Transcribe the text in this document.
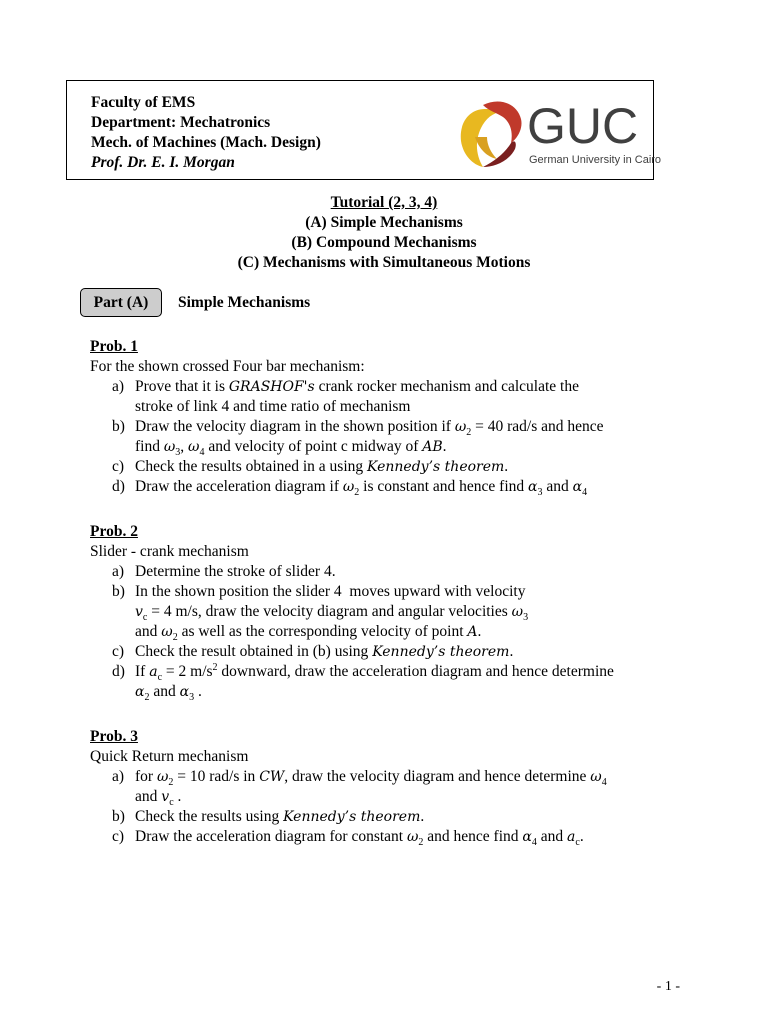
Faculty of EMS
Department: Mechatronics
Mech. of Machines (Mach. Design)
Prof. Dr. E. I. Morgan
GUC
German University in Cairo
Tutorial (2, 3, 4)
(A) Simple Mechanisms
(B) Compound Mechanisms
(C) Mechanisms with Simultaneous Motions
Part (A)	Simple Mechanisms
Prob. 1
For the shown crossed Four bar mechanism:
a) Prove that it is GRASHOF's crank rocker mechanism and calculate the
stroke of link 4 and time ratio of mechanism
b) Draw the velocity diagram in the shown position if $\omega_2 = 40$ rad/s and hence
find $\omega_3$, $\omega_4$ and velocity of point c midway of AB.
c) Check the results obtained in a using Kennedy’s theorem.
d) Draw the acceleration diagram if $\omega_2$ is constant and hence find $\alpha_3$ and $\alpha_4$
Prob. 2
Slider - crank mechanism
a) Determine the stroke of slider 4.
b) In the shown position the slider 4  moves upward with velocity
$v_c = 4$ m/s, draw the velocity diagram and angular velocities $\omega_3$
and $\omega_2$ as well as the corresponding velocity of point A.
c) Check the result obtained in (b) using Kennedy’s theorem.
d) If $a_c = 2$ $m/s^2$ downward, draw the acceleration diagram and hence determine
$\alpha_2$ and $\alpha_3$ .
Prob. 3
Quick Return mechanism
a) for $\omega_2 = 10$ rad/s in CW, draw the velocity diagram and hence determine $\omega_4$
and $v_c$ .
b) Check the results using Kennedy’s theorem.
c) Draw the acceleration diagram for constant $\omega_2$ and hence find $\alpha_4$ and $a_c$.
- 1 -
